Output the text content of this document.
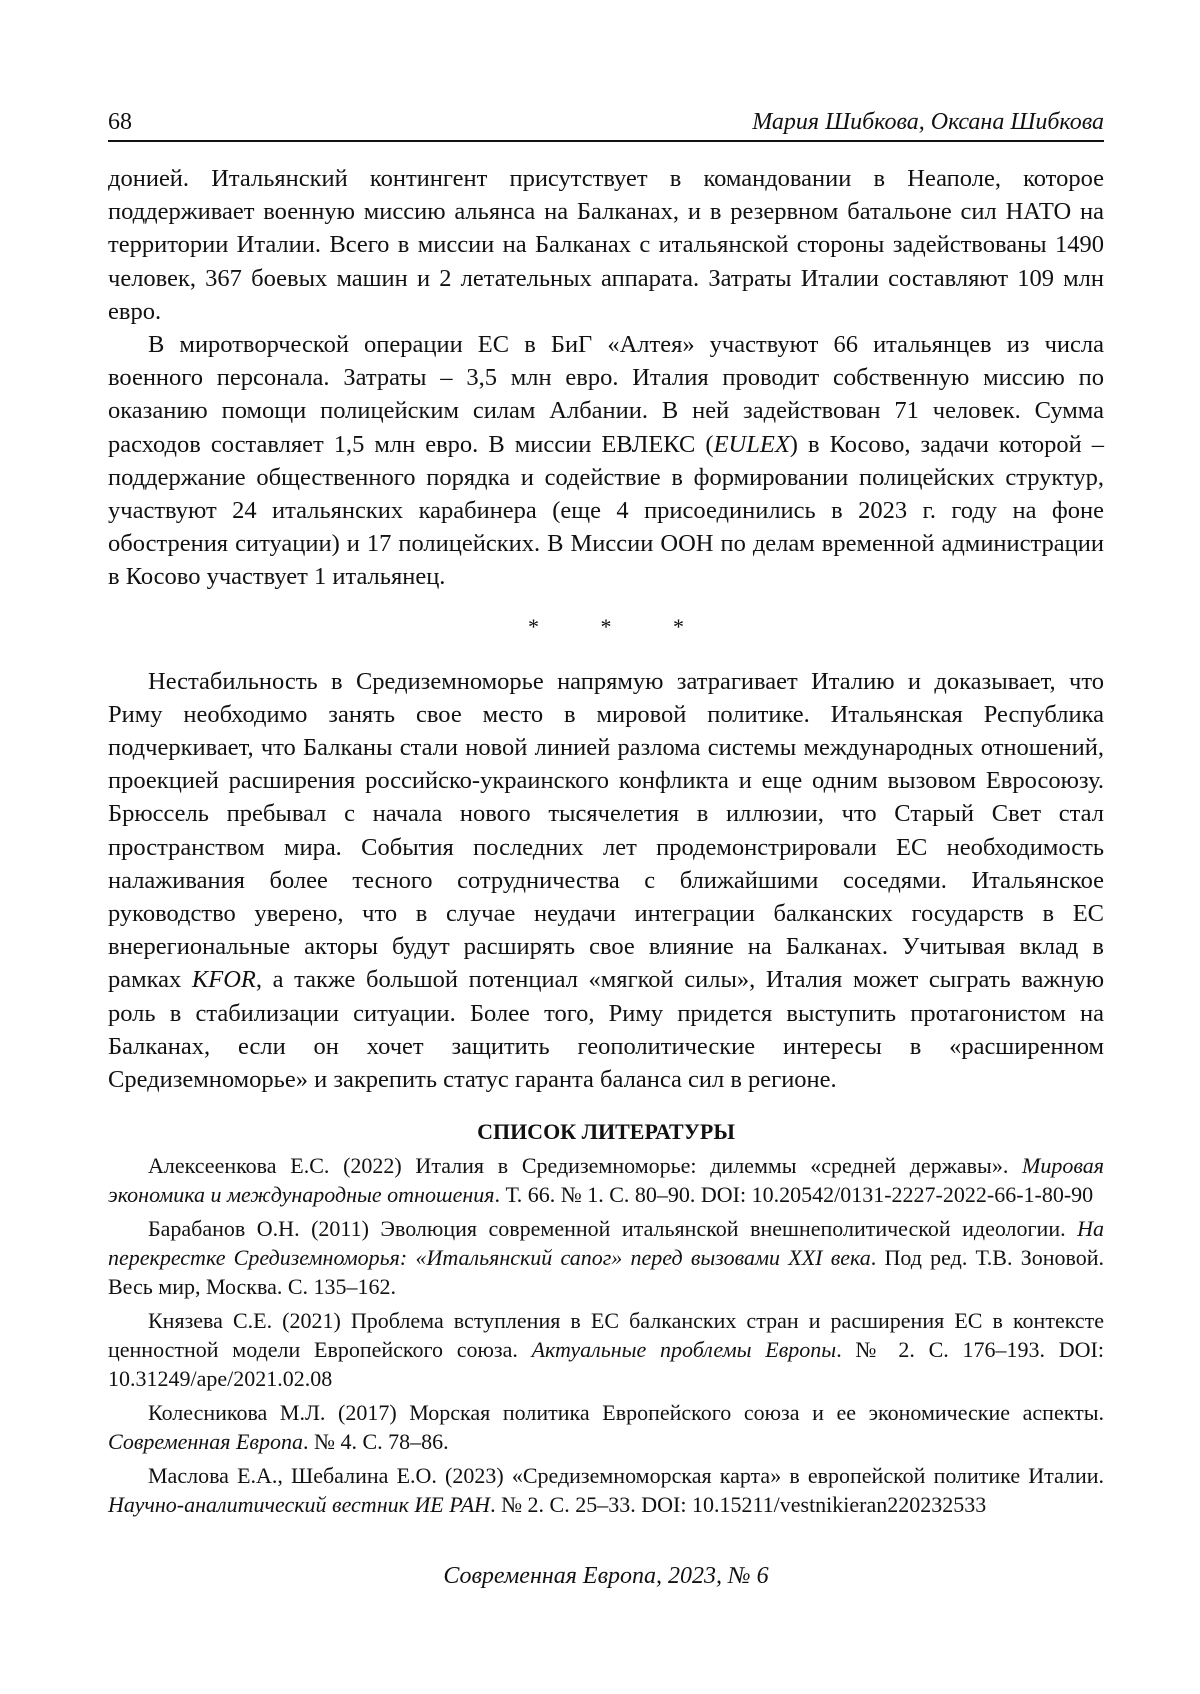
68	Мария Шибкова, Оксана Шибкова

донией. Итальянский контингент присутствует в командовании в Неаполе, которое поддерживает военную миссию альянса на Балканах, и в резервном батальоне сил НАТО на территории Италии. Всего в миссии на Балканах с итальянской стороны задействованы 1490 человек, 367 боевых машин и 2 летательных аппарата. Затраты Италии составляют 109 млн евро.

В миротворческой операции ЕС в БиГ «Алтея» участвуют 66 итальянцев из числа военного персонала. Затраты – 3,5 млн евро. Италия проводит собственную миссию по оказанию помощи полицейским силам Албании. В ней задействован 71 человек. Сумма расходов составляет 1,5 млн евро. В миссии ЕВЛЕКС (EULEX) в Косово, задачи которой – поддержание общественного порядка и содействие в формировании полицейских структур, участвуют 24 итальянских карабинера (еще 4 присоединились в 2023 г. году на фоне обострения ситуации) и 17 полицейских. В Миссии ООН по делам временной администрации в Косово участвует 1 итальянец.

* * *

Нестабильность в Средиземноморье напрямую затрагивает Италию и доказывает, что Риму необходимо занять свое место в мировой политике. Итальянская Республика подчеркивает, что Балканы стали новой линией разлома системы международных отношений, проекцией расширения российско-украинского конфликта и еще одним вызовом Евросоюзу. Брюссель пребывал с начала нового тысячелетия в иллюзии, что Старый Свет стал пространством мира. События последних лет продемонстрировали ЕС необходимость налаживания более тесного сотрудничества с ближайшими соседями. Итальянское руководство уверено, что в случае неудачи интеграции балканских государств в ЕС внерегиональные акторы будут расширять свое влияние на Балканах. Учитывая вклад в рамках KFOR, а также большой потенциал «мягкой силы», Италия может сыграть важную роль в стабилизации ситуации. Более того, Риму придется выступить протагонистом на Балканах, если он хочет защитить геополитические интересы в «расширенном Средиземноморье» и закрепить статус гаранта баланса сил в регионе.

СПИСОК ЛИТЕРАТУРЫ

Алексеенкова Е.С. (2022) Италия в Средиземноморье: дилеммы «средней державы». Мировая экономика и международные отношения. Т. 66. № 1. С. 80–90. DOI: 10.20542/0131-2227-2022-66-1-80-90

Барабанов О.Н. (2011) Эволюция современной итальянской внешнеполитической идеологии. На перекрестке Средиземноморья: «Итальянский сапог» перед вызовами XXI века. Под ред. Т.В. Зоновой. Весь мир, Москва. С. 135–162.

Князева С.Е. (2021) Проблема вступления в ЕС балканских стран и расширения ЕС в контексте ценностной модели Европейского союза. Актуальные проблемы Европы. № 2. С. 176–193. DOI: 10.31249/ape/2021.02.08

Колесникова М.Л. (2017) Морская политика Европейского союза и ее экономические аспекты. Современная Европа. № 4. С. 78–86.

Маслова Е.А., Шебалина Е.О. (2023) «Средиземноморская карта» в европейской политике Италии. Научно-аналитический вестник ИЕ РАН. № 2. С. 25–33. DOI: 10.15211/vestnikieran220232533

Современная Европа, 2023, № 6
